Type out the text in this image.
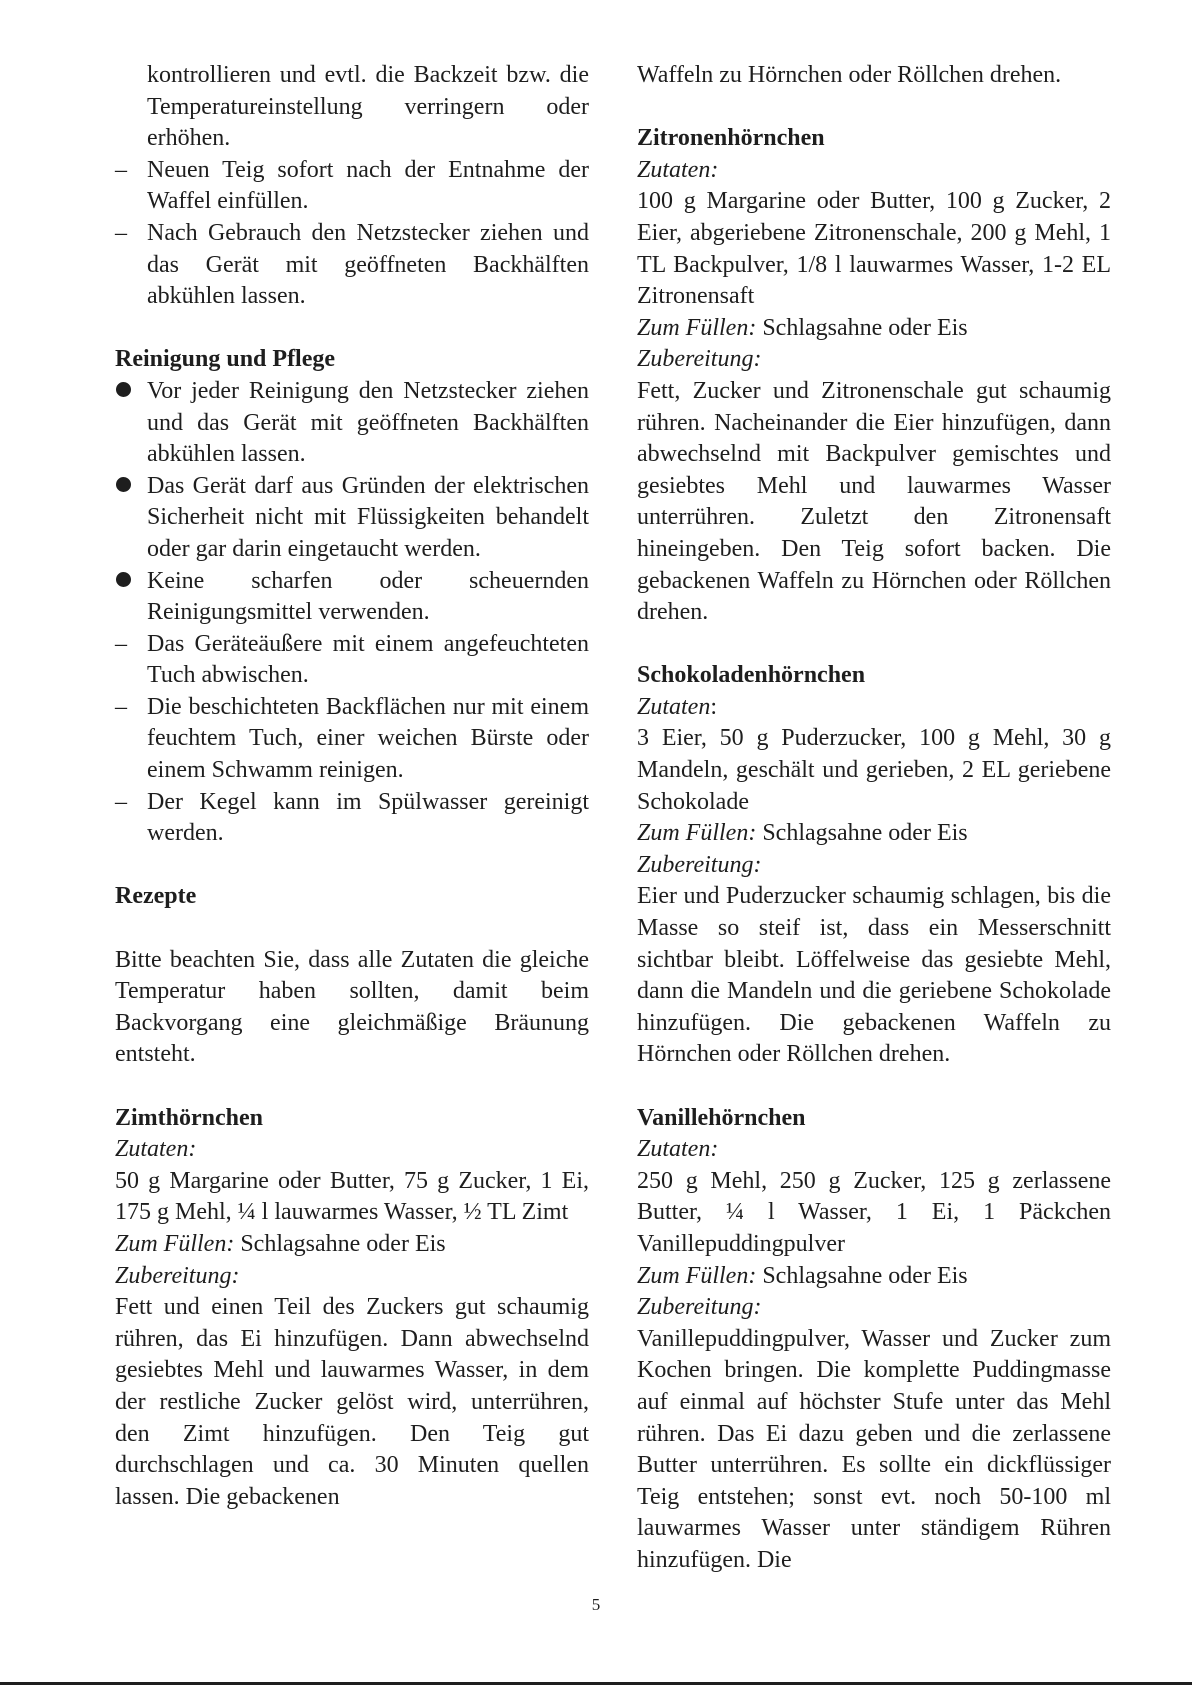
kontrollieren und evtl. die Backzeit bzw. die Temperatureinstellung verringern oder erhöhen.

– Neuen Teig sofort nach der Entnahme der Waffel einfüllen.
– Nach Gebrauch den Netzstecker ziehen und das Gerät mit geöffneten Backhälften abkühlen lassen.

Reinigung und Pflege

Vor jeder Reinigung den Netzstecker ziehen und das Gerät mit geöffneten Backhälften abkühlen lassen.
Das Gerät darf aus Gründen der elektrischen Sicherheit nicht mit Flüssigkeiten behandelt oder gar darin eingetaucht werden.
Keine scharfen oder scheuernden Reinigungsmittel verwenden.
– Das Geräteäußere mit einem angefeuchteten Tuch abwischen.
– Die beschichteten Backflächen nur mit einem feuchtem Tuch, einer weichen Bürste oder einem Schwamm reinigen.
– Der Kegel kann im Spülwasser gereinigt werden.

Rezepte

Bitte beachten Sie, dass alle Zutaten die gleiche Temperatur haben sollten, damit beim Backvorgang eine gleichmäßige Bräunung entsteht.

Zimthörnchen

Zutaten:

50 g Margarine oder Butter, 75 g Zucker, 1 Ei, 175 g Mehl, ¼ l lauwarmes Wasser, ½ TL Zimt

Zum Füllen: Schlagsahne oder Eis

Zubereitung:

Fett und einen Teil des Zuckers gut schaumig rühren, das Ei hinzufügen. Dann abwechselnd gesiebtes Mehl und lauwarmes Wasser, in dem der restliche Zucker gelöst wird, unterrühren, den Zimt hinzufügen. Den Teig gut durchschlagen und ca. 30 Minuten quellen lassen. Die gebackenen

Waffeln zu Hörnchen oder Röllchen drehen.

Zitronenhörnchen

Zutaten:

100 g Margarine oder Butter, 100 g Zucker, 2 Eier, abgeriebene Zitronenschale, 200 g Mehl, 1 TL Backpulver, 1/8 l lauwarmes Wasser, 1-2 EL Zitronensaft

Zum Füllen: Schlagsahne oder Eis

Zubereitung:

Fett, Zucker und Zitronenschale gut schaumig rühren. Nacheinander die Eier hinzufügen, dann abwechselnd mit Backpulver gemischtes und gesiebtes Mehl und lauwarmes Wasser unterrühren. Zuletzt den Zitronensaft hineingeben. Den Teig sofort backen. Die gebackenen Waffeln zu Hörnchen oder Röllchen drehen.

Schokoladenhörnchen

Zutaten:

3 Eier, 50 g Puderzucker, 100 g Mehl, 30 g Mandeln, geschält und gerieben, 2 EL geriebene Schokolade

Zum Füllen: Schlagsahne oder Eis

Zubereitung:

Eier und Puderzucker schaumig schlagen, bis die Masse so steif ist, dass ein Messerschnitt sichtbar bleibt. Löffelweise das gesiebte Mehl, dann die Mandeln und die geriebene Schokolade hinzufügen. Die gebackenen Waffeln zu Hörnchen oder Röllchen drehen.

Vanillehörnchen

Zutaten:

250 g Mehl, 250 g Zucker, 125 g zerlassene Butter, ¼ l Wasser, 1 Ei, 1 Päckchen Vanillepuddingpulver

Zum Füllen: Schlagsahne oder Eis

Zubereitung:

Vanillepuddingpulver, Wasser und Zucker zum Kochen bringen. Die komplette Puddingmasse auf einmal auf höchster Stufe unter das Mehl rühren. Das Ei dazu geben und die zerlassene Butter unterrühren. Es sollte ein dickflüssiger Teig entstehen; sonst evt. noch 50-100 ml lauwarmes Wasser unter ständigem Rühren hinzufügen. Die

5
